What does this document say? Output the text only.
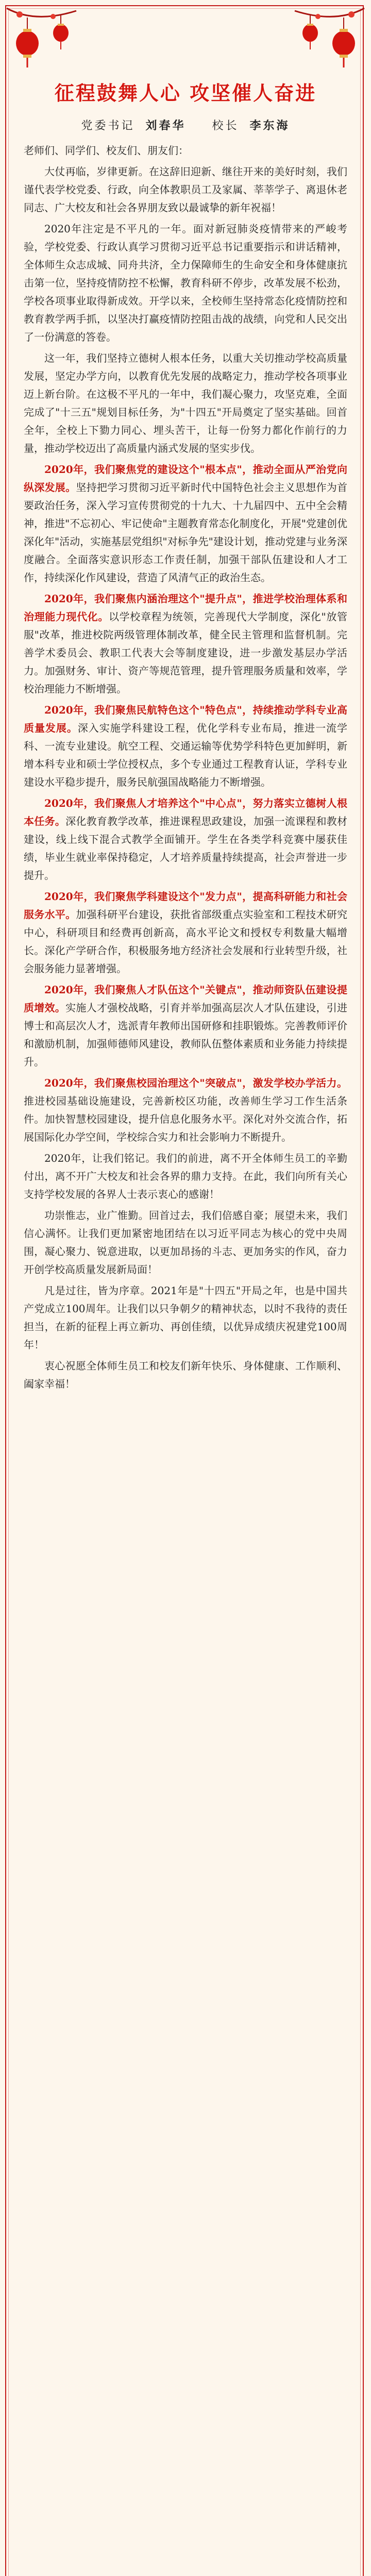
征程鼓舞人心 攻坚催人奋进
党委书记 刘春华 校长 李东海

老师们、同学们、校友们、朋友们：

大仗再临，岁律更新。在这辞旧迎新、继往开来的美好时刻，我们谨代表学校党委、行政，向全体教职员工及家属、莘莘学子、离退休老同志、广大校友和社会各界朋友致以最诚挚的新年祝福！

2020年注定是不平凡的一年。面对新冠肺炎疫情带来的严峻考验，学校党委、行政认真学习贯彻习近平总书记重要指示和讲话精神，全体师生众志成城、同舟共济，全力保障师生的生命安全和身体健康抗击第一位，坚持疫情防控不松懈，教育科研不停步，改革发展不松劲，学校各项事业取得新成效。开学以来，全校师生坚持常态化疫情防控和教育教学两手抓，以坚决打赢疫情防控阻击战的战绩，向党和人民交出了一份满意的答卷。

这一年，我们坚持立德树人根本任务，以重大关切推动学校高质量发展，坚定办学方向，以教育优先发展的战略定力，推动学校各项事业迈上新台阶。在这极不平凡的一年中，我们凝心聚力，攻坚克难，全面完成了"十三五"规划目标任务，为"十四五"开局奠定了坚实基础。回首全年，全校上下勠力同心、埋头苦干，让每一份努力都化作前行的力量，推动学校迈出了高质量内涵式发展的坚实步伐。

2020年，我们聚焦党的建设这个"根本点"，推动全面从严治党向纵深发展。坚持把学习贯彻习近平新时代中国特色社会主义思想作为首要政治任务，深入学习宣传贯彻党的十九大、十九届四中、五中全会精神，推进"不忘初心、牢记使命"主题教育常态化制度化，开展"党建创优深化年"活动，实施基层党组织"对标争先"建设计划，推动党建与业务深度融合。全面落实意识形态工作责任制，加强干部队伍建设和人才工作，持续深化作风建设，营造了风清气正的政治生态。

2020年，我们聚焦内涵治理这个"提升点"，推进学校治理体系和治理能力现代化。以学校章程为统领，完善现代大学制度，深化"放管服"改革，推进校院两级管理体制改革，健全民主管理和监督机制。完善学术委员会、教职工代表大会等制度建设，进一步激发基层办学活力。加强财务、审计、资产等规范管理，提升管理服务质量和效率，学校治理能力不断增强。

2020年，我们聚焦民航特色这个"特色点"，持续推动学科专业高质量发展。深入实施学科建设工程，优化学科专业布局，推进一流学科、一流专业建设。航空工程、交通运输等优势学科特色更加鲜明，新增本科专业和硕士学位授权点，多个专业通过工程教育认证，学科专业建设水平稳步提升，服务民航强国战略能力不断增强。

2020年，我们聚焦人才培养这个"中心点"，努力落实立德树人根本任务。深化教育教学改革，推进课程思政建设，加强一流课程和教材建设，线上线下混合式教学全面铺开。学生在各类学科竞赛中屡获佳绩，毕业生就业率保持稳定，人才培养质量持续提高，社会声誉进一步提升。

2020年，我们聚焦学科建设这个"发力点"，提高科研能力和社会服务水平。加强科研平台建设，获批省部级重点实验室和工程技术研究中心，科研项目和经费再创新高，高水平论文和授权专利数量大幅增长。深化产学研合作，积极服务地方经济社会发展和行业转型升级，社会服务能力显著增强。

2020年，我们聚焦人才队伍这个"关键点"，推动师资队伍建设提质增效。实施人才强校战略，引育并举加强高层次人才队伍建设，引进博士和高层次人才，选派青年教师出国研修和挂职锻炼。完善教师评价和激励机制，加强师德师风建设，教师队伍整体素质和业务能力持续提升。

2020年，我们聚焦校园治理这个"突破点"，激发学校办学活力。推进校园基础设施建设，完善新校区功能，改善师生学习工作生活条件。加快智慧校园建设，提升信息化服务水平。深化对外交流合作，拓展国际化办学空间，学校综合实力和社会影响力不断提升。

2020年，让我们铭记。我们的前进，离不开全体师生员工的辛勤付出，离不开广大校友和社会各界的鼎力支持。在此，我们向所有关心支持学校发展的各界人士表示衷心的感谢！

功崇惟志，业广惟勤。回首过去，我们倍感自豪；展望未来，我们信心满怀。让我们更加紧密地团结在以习近平同志为核心的党中央周围，凝心聚力、锐意进取，以更加昂扬的斗志、更加务实的作风，奋力开创学校高质量发展新局面！

凡是过往，皆为序章。2021年是"十四五"开局之年，也是中国共产党成立100周年。让我们以只争朝夕的精神状态，以时不我待的责任担当，在新的征程上再立新功、再创佳绩，以优异成绩庆祝建党100周年！

衷心祝愿全体师生员工和校友们新年快乐、身体健康、工作顺利、阖家幸福！
